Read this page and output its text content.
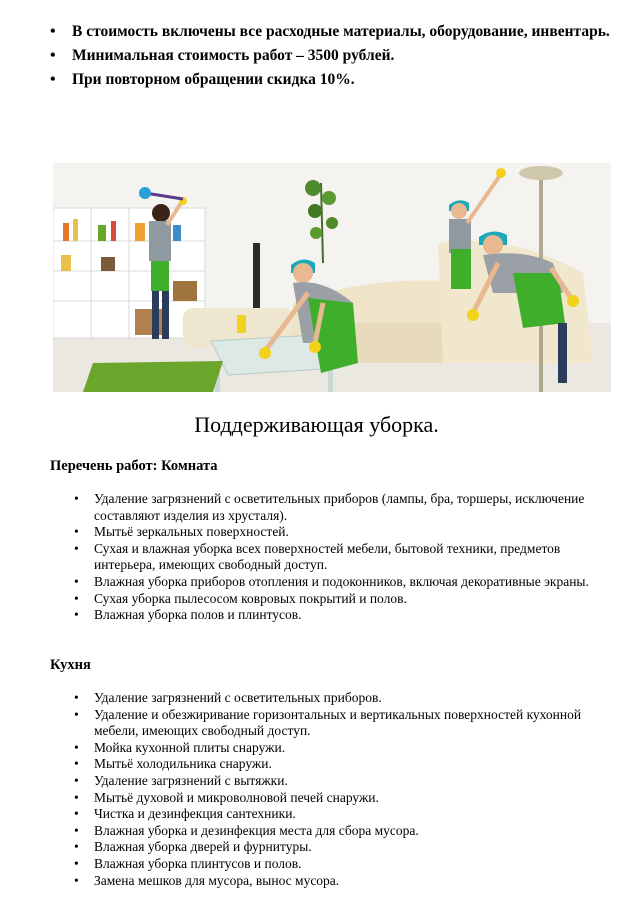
• В стоимость включены все расходные материалы, оборудование, инвентарь.
• Минимальная стоимость работ – 3500 рублей.
• При повторном обращении скидка 10%.
Поддерживающая уборка.
Перечень работ: Комната
• Удаление загрязнений с осветительных приборов (лампы, бра, торшеры, исключение составляют изделия из хрусталя).
• Мытьё зеркальных поверхностей.
• Сухая и влажная уборка всех поверхностей мебели, бытовой техники, предметов интерьера, имеющих свободный доступ.
• Влажная уборка приборов отопления и подоконников, включая декоративные экраны.
• Сухая уборка пылесосом ковровых покрытий и полов.
• Влажная уборка полов и плинтусов.
Кухня
• Удаление загрязнений с осветительных приборов.
• Удаление и обезжиривание горизонтальных и вертикальных поверхностей кухонной мебели, имеющих свободный доступ.
• Мойка кухонной плиты снаружи.
• Мытьё холодильника снаружи.
• Удаление загрязнений с вытяжки.
• Мытьё духовой и микроволновой печей снаружи.
• Чистка и дезинфекция сантехники.
• Влажная уборка и дезинфекция места для сбора мусора.
• Влажная уборка дверей и фурнитуры.
• Влажная уборка плинтусов и полов.
• Замена мешков для мусора, вынос мусора.
